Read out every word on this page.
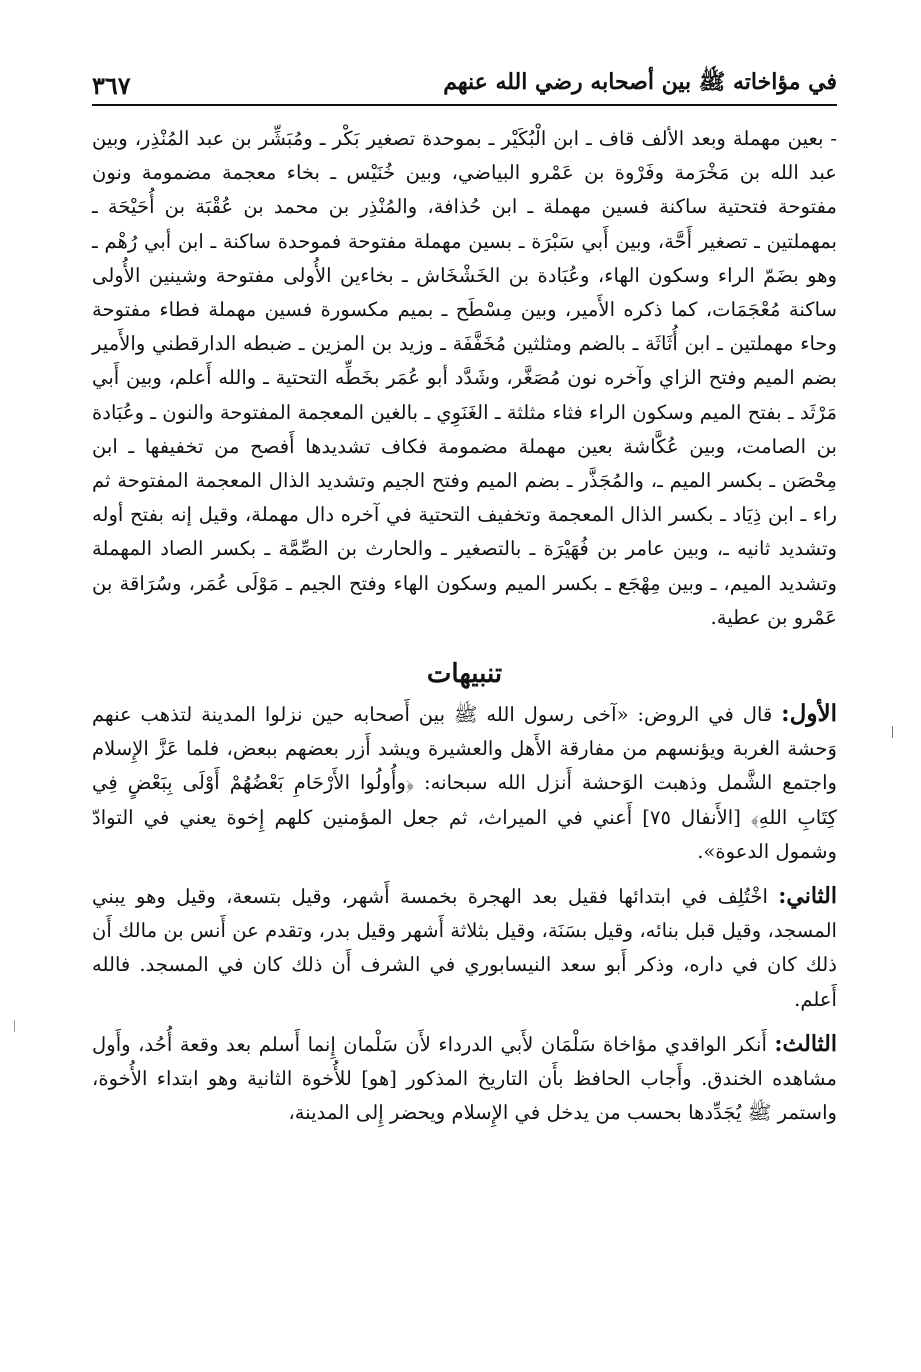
في مؤاخاته ﷺ بين أصحابه رضي الله عنهم
٣٦٧

- بعين مهملة وبعد الألف قاف ـ ابن الْبُكَيْر ـ بموحدة تصغير بَكْر ـ ومُبَشِّر بن عبد المُنْذِر، وبين عبد الله بن مَخْرَمة وفَرْوة بن عَمْرو البياضي، وبين خُنَيْس ـ بخاء معجمة مضمومة ونون مفتوحة فتحتية ساكنة فسين مهملة ـ ابن حُذافة، والمُنْذِر بن محمد بن عُقْبَة بن أُحَيْحَة ـ بمهملتين ـ تصغير أَحَّة، وبين أَبي سَبْرَة ـ بسين مهملة مفتوحة فموحدة ساكنة ـ ابن أبي رُهْم ـ وهو بضَمّ الراء وسكون الهاء، وعُبَادة بن الخَشْخَاش ـ بخاءين الأُولى مفتوحة وشينين الأُولى ساكنة مُعْجَمَات، كما ذكره الأَمير، وبين مِسْطَح ـ بميم مكسورة فسين مهملة فطاء مفتوحة وحاء مهملتين ـ ابن أُثَاثَة ـ بالضم ومثلثين مُخَفَّفَة ـ وزيد بن المزين ـ ضبطه الدارقطني والأَمير بضم الميم وفتح الزاي وآخره نون مُصَغَّر، وشَدَّد أبو عُمَر بخَطِّه التحتية ـ والله أَعلم، وبين أَبي مَرْثَد ـ بفتح الميم وسكون الراء فثاء مثلثة ـ الغَنَوِي ـ بالغين المعجمة المفتوحة والنون ـ وعُبَادة بن الصامت، وبين عُكَّاشة بعين مهملة مضمومة فكاف تشديدها أَفصح من تخفيفها ـ ابن مِحْصَن ـ بكسر الميم ـ، والمُجَذَّر ـ بضم الميم وفتح الجيم وتشديد الذال المعجمة المفتوحة ثم راء ـ ابن ذِيَاد ـ بكسر الذال المعجمة وتخفيف التحتية في آخره دال مهملة، وقيل إنه بفتح أوله وتشديد ثانيه ـ، وبين عامر بن فُهَيْرَة ـ بالتصغير ـ والحارث بن الصِّمَّة ـ بكسر الصاد المهملة وتشديد الميم، ـ وبين مِهْجَع ـ بكسر الميم وسكون الهاء وفتح الجيم ـ مَوْلَى عُمَر، وسُرَاقة بن عَمْرو بن عطية.

تنبيهات

الأول: قال في الروض: «آخى رسول الله ﷺ بين أَصحابه حين نزلوا المدينة لتذهب عنهم وَحشة الغربة ويؤنسهم من مفارقة الأَهل والعشيرة ويشد أَزر بعضهم ببعض، فلما عَزَّ الإِسلام واجتمع الشَّمل وذهبت الوَحشة أَنزل الله سبحانه: ﴿وأُولُوا الأَرْحَامِ بَعْضُهُمْ أَوْلَى بِبَعْضٍ فِي كِتَابِ اللهِ﴾ [الأَنفال ٧٥] أَعني في الميراث، ثم جعل المؤمنين كلهم إِخوة يعني في التوادّ وشمول الدعوة».

الثاني: اخْتُلِف في ابتدائها فقيل بعد الهجرة بخمسة أَشهر، وقيل بتسعة، وقيل وهو يبني المسجد، وقيل قبل بنائه، وقيل بسَنَة، وقيل بثلاثة أَشهر وقيل بدر، وتقدم عن أَنس بن مالك أَن ذلك كان في داره، وذكر أَبو سعد النيسابوري في الشرف أَن ذلك كان في المسجد. فالله أَعلم.

الثالث: أَنكر الواقدي مؤاخاة سَلْمَان لأَبي الدرداء لأَن سَلْمان إِنما أَسلم بعد وقعة أُحُد، وأَول مشاهده الخندق. وأَجاب الحافظ بأَن التاريخ المذكور [هو] للأُخوة الثانية وهو ابتداء الأُخوة، واستمر ﷺ يُجَدِّدها بحسب من يدخل في الإِسلام ويحضر إِلى المدينة،
